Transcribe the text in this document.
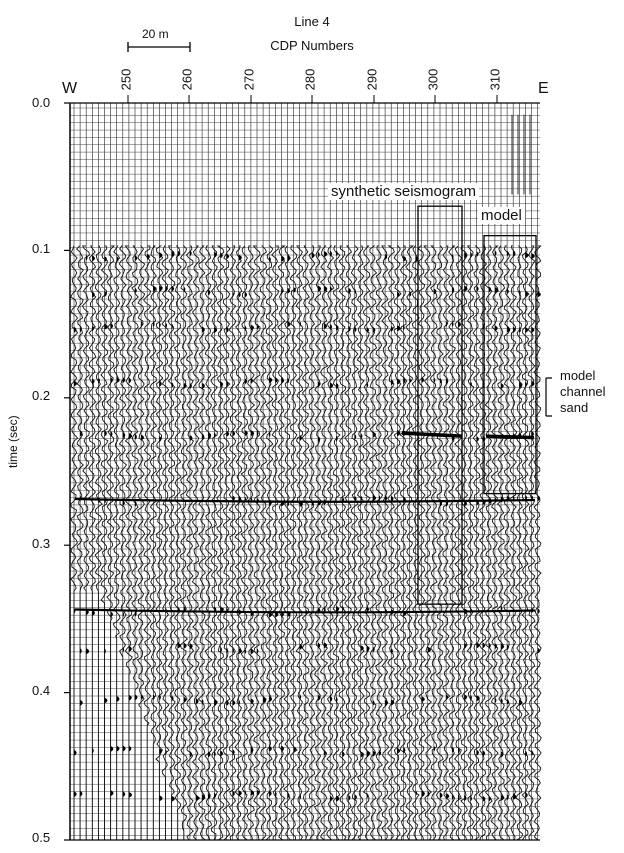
Line 4
CDP Numbers
20 m
W	E
250	260	270	280	290	300	310
time (sec)
0.0
0.1
0.2
0.3
0.4
0.5
synthetic seismogram
model
model
channel
sand
